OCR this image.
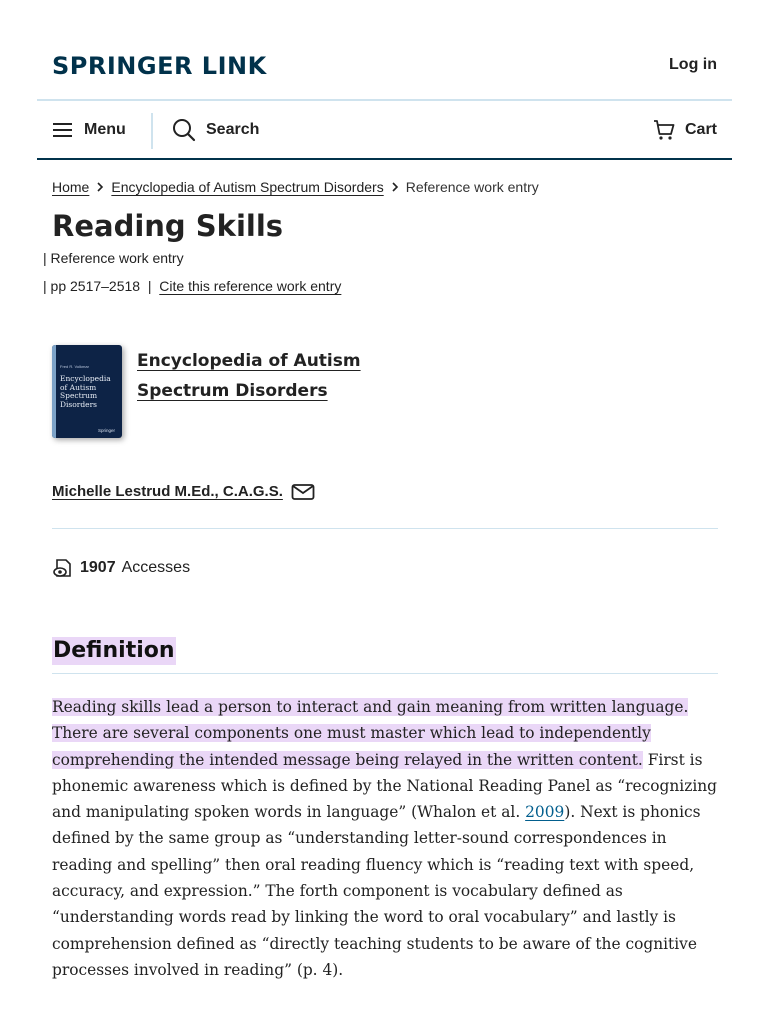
SPRINGER LINK	Log in
Menu	Search	Cart
Home Encyclopedia of Autism Spectrum Disorders Reference work entry
Reading Skills
| Reference work entry
| pp 2517–2518  |  Cite this reference work entry
Fred R. Volkmar
Encyclopedia of Autism Spectrum Disorders
Springer
Encyclopedia of Autism Spectrum Disorders
Michelle Lestrud M.Ed., C.A.G.S.
1907 Accesses
Definition

Reading skills lead a person to interact and gain meaning from written language. There are several components one must master which lead to independently comprehending the intended message being relayed in the written content. First is phonemic awareness which is defined by the National Reading Panel as “recognizing and manipulating spoken words in language” (Whalon et al. 2009). Next is phonics defined by the same group as “understanding letter-sound correspondences in reading and spelling” then oral reading fluency which is “reading text with speed, accuracy, and expression.” The forth component is vocabulary defined as “understanding words read by linking the word to oral vocabulary” and lastly is comprehension defined as “directly teaching students to be aware of the cognitive processes involved in reading” (p. 4).
